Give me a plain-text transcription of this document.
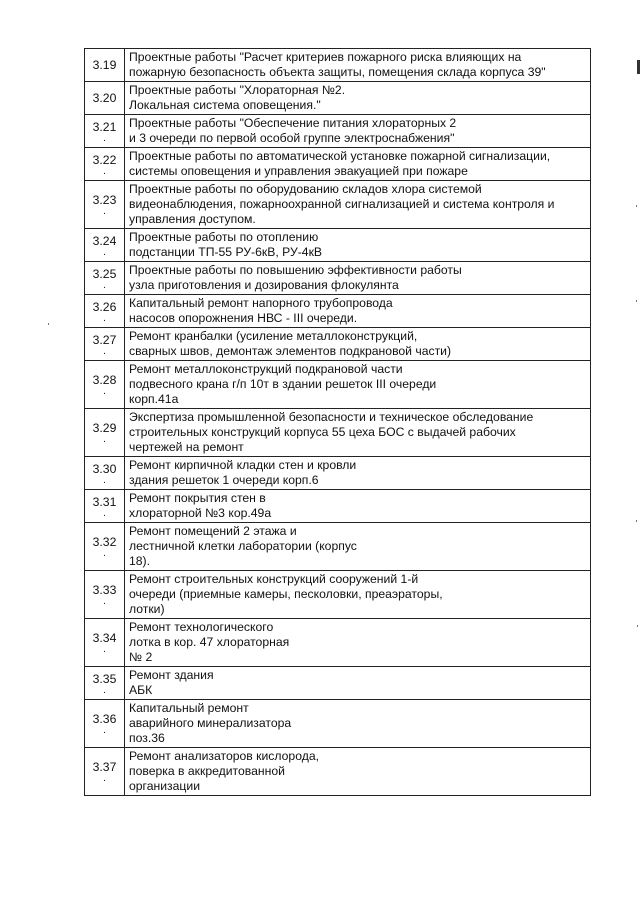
3.19	Проектные работы "Расчет критериев пожарного риска влияющих на
пожарную безопасность объекта защиты, помещения склада корпуса 39"

3.20	Проектные работы "Хлораторная №2.
Локальная система оповещения."

3.21
.	Проектные работы "Обеспечение питания хлораторных 2
и 3 очереди по первой особой группе электроснабжения"

3.22
.	Проектные работы по автоматической установке пожарной сигнализации,
системы оповещения и управления эвакуацией при пожаре

3.23
.	Проектные работы по оборудованию складов хлора системой
видеонаблюдения, пожарноохранной сигнализацией и система контроля и
управления доступом.

3.24
.	Проектные работы по отоплению
подстанции ТП-55 РУ-6кВ, РУ-4кВ

3.25
.	Проектные работы по повышению эффективности работы
узла приготовления и дозирования флокулянта

3.26
.	Капитальный ремонт напорного трубопровода
насосов опорожнения НВС - III очереди.

3.27
.	Ремонт кранбалки (усиление металлоконструкций,
сварных швов, демонтаж элементов подкрановой части)

3.28
.	Ремонт металлоконструкций подкрановой части
подвесного крана г/п 10т в здании решеток III очереди
корп.41а

3.29
.	Экспертиза промышленной безопасности и техническое обследование
строительных конструкций корпуса 55 цеха БОС с выдачей рабочих
чертежей на ремонт

3.30
.	Ремонт кирпичной кладки стен и кровли
здания решеток 1 очереди корп.6

3.31
.	Ремонт покрытия стен в
хлораторной №3 кор.49а

3.32
.	Ремонт помещений 2 этажа и
лестничной клетки лаборатории (корпус
18).

3.33
.	Ремонт строительных конструкций сооружений 1-й
очереди (приемные камеры, песколовки, преаэраторы,
лотки)

3.34
.	Ремонт технологического
лотка в кор. 47 хлораторная
№ 2

3.35
.	Ремонт здания
АБК

3.36
.	Капитальный ремонт
аварийного минерализатора
поз.36

3.37
.	Ремонт анализаторов кислорода,
поверка в аккредитованной
организации
